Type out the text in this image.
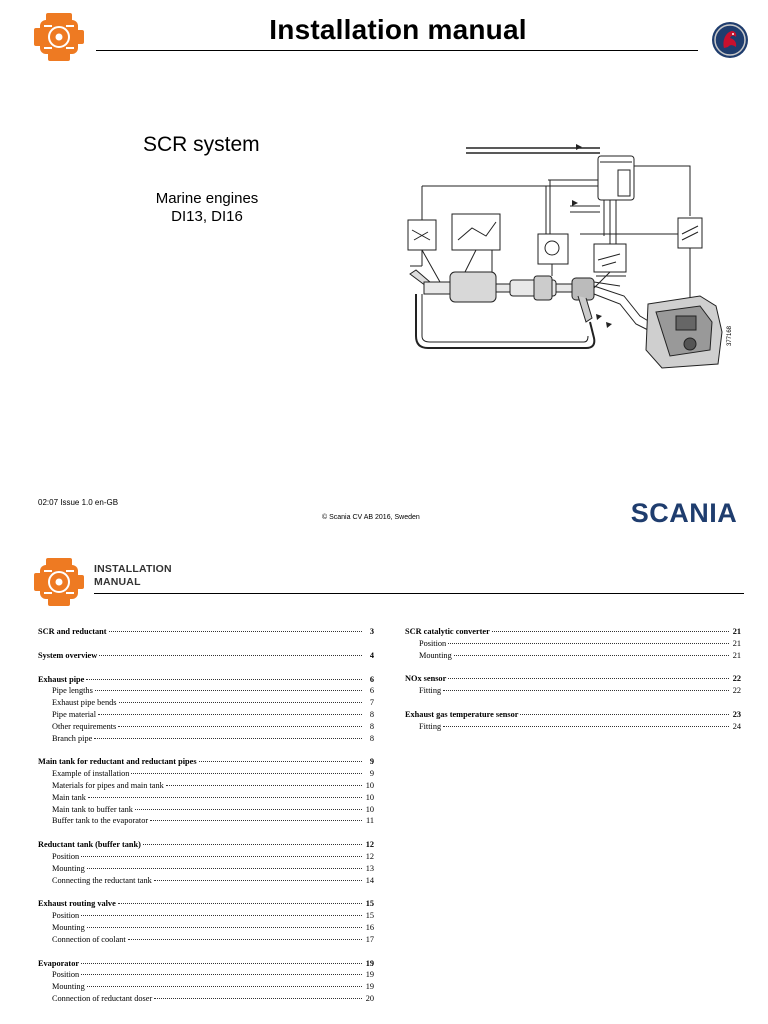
Installation manual
SCR system
Marine engines
DI13, DI16
377168
02:07 Issue 1.0 en-GB
© Scania CV AB 2016, Sweden	SCANIA
INSTALLATION
MANUAL
SCR and reductant	3
System overview	4
Exhaust pipe	6
Pipe lengths	6
Exhaust pipe bends	7
Pipe material	8
Other requirements	8
Branch pipe	8
Main tank for reductant and reductant pipes	9
Example of installation	9
Materials for pipes and main tank	10
Main tank	10
Main tank to buffer tank	10
Buffer tank to the evaporator	11
Reductant tank (buffer tank)	12
Position	12
Mounting	13
Connecting the reductant tank	14
Exhaust routing valve	15
Position	15
Mounting	16
Connection of coolant	17
Evaporator	19
Position	19
Mounting	19
Connection of reductant doser	20
SCR catalytic converter	21
Position	21
Mounting	21
NOx sensor	22
Fitting	22
Exhaust gas temperature sensor	23
Fitting	24
